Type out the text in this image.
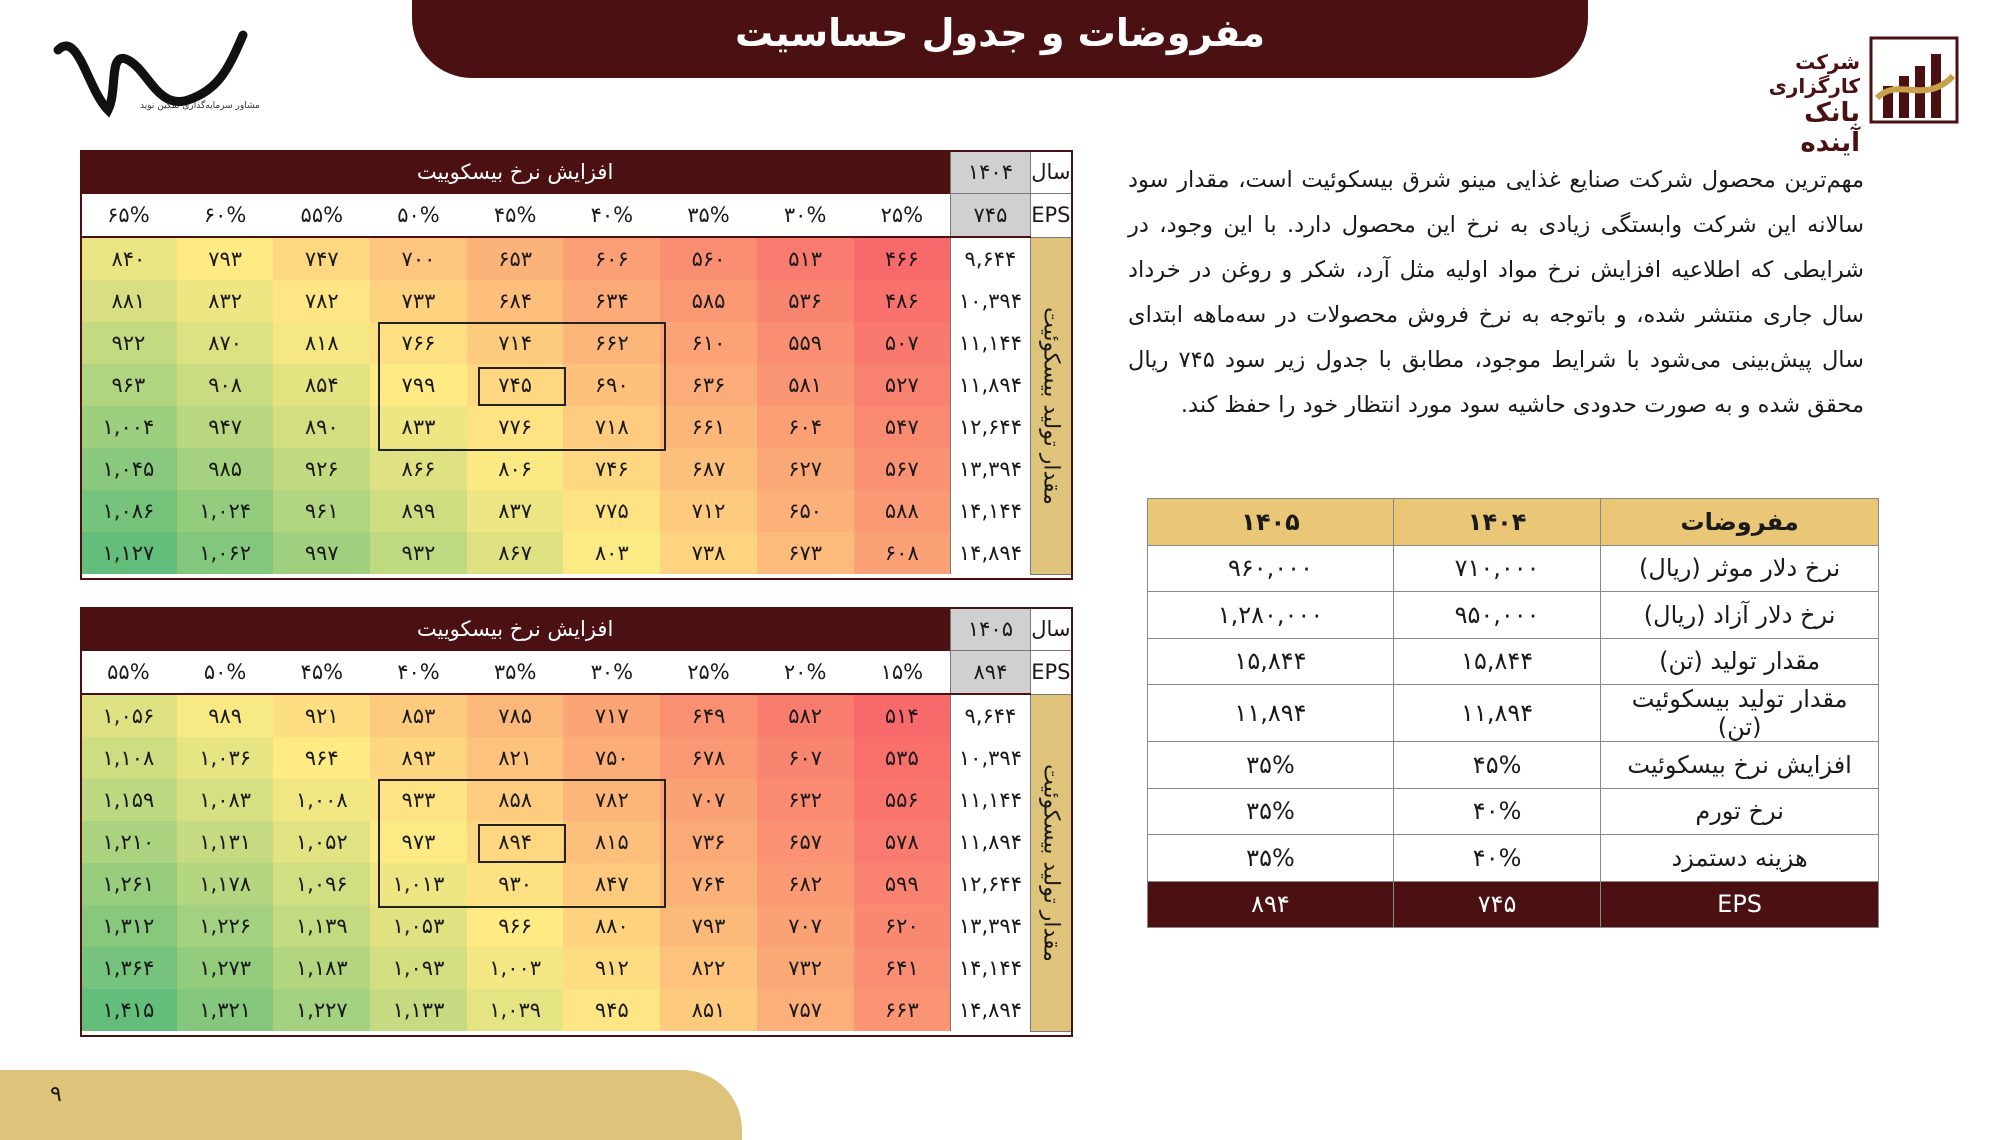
مفروضات و جدول حساسیت
مشاور سرمایه‌گذاری تمکین نوید
شرکت کارگزاری
بانک آینده
مهم‌ترین محصول شرکت صنایع غذایی مینو شرق بیسکوئیت است، مقدار سود سالانه این شرکت وابستگی زیادی به نرخ این محصول دارد. با این وجود، در شرایطی که اطلاعیه افزایش نرخ مواد اولیه مثل آرد، شکر و روغن در خرداد سال جاری منتشر شده، و باتوجه به نرخ فروش محصولات در سه‌ماهه ابتدای سال پیش‌بینی می‌شود با شرایط موجود، مطابق با جدول زیر سود ۷۴۵ ریال محقق شده و به صورت حدودی حاشیه سود مورد انتظار خود را حفظ کند.
مفروضات	۱۴۰۴	۱۴۰۵
نرخ دلار موثر (ریال)	۷۱۰,۰۰۰	۹۶۰,۰۰۰
نرخ دلار آزاد (ریال)	۹۵۰,۰۰۰	۱,۲۸۰,۰۰۰
مقدار تولید (تن)	۱۵,۸۴۴	۱۵,۸۴۴
مقدار تولید بیسکوئیت (تن)	۱۱,۸۹۴	۱۱,۸۹۴
افزایش نرخ بیسکوئیت	۴۵%	۳۵%
نرخ تورم	۴۰%	۳۵%
هزینه دستمزد	۴۰%	۳۵%
EPS	۷۴۵	۸۹۴
سال	۱۴۰۴	افزایش نرخ بیسکوییت								
EPS	۷۴۵	۲۵%	۳۰%	۳۵%	۴۰%	۴۵%	۵۰%	۵۵%	۶۰%	۶۵%

مقدار تولید بیسکوئیت	۹,۶۴۴	۴۶۶	۵۱۳	۵۶۰	۶۰۶	۶۵۳	۷۰۰	۷۴۷	۷۹۳	۸۴۰
	۱۰,۳۹۴	۴۸۶	۵۳۶	۵۸۵	۶۳۴	۶۸۴	۷۳۳	۷۸۲	۸۳۲	۸۸۱
	۱۱,۱۴۴	۵۰۷	۵۵۹	۶۱۰	۶۶۲	۷۱۴	۷۶۶	۸۱۸	۸۷۰	۹۲۲
	۱۱,۸۹۴	۵۲۷	۵۸۱	۶۳۶	۶۹۰	۷۴۵	۷۹۹	۸۵۴	۹۰۸	۹۶۳
	۱۲,۶۴۴	۵۴۷	۶۰۴	۶۶۱	۷۱۸	۷۷۶	۸۳۳	۸۹۰	۹۴۷	۱,۰۰۴
	۱۳,۳۹۴	۵۶۷	۶۲۷	۶۸۷	۷۴۶	۸۰۶	۸۶۶	۹۲۶	۹۸۵	۱,۰۴۵
	۱۴,۱۴۴	۵۸۸	۶۵۰	۷۱۲	۷۷۵	۸۳۷	۸۹۹	۹۶۱	۱,۰۲۴	۱,۰۸۶
	۱۴,۸۹۴	۶۰۸	۶۷۳	۷۳۸	۸۰۳	۸۶۷	۹۳۲	۹۹۷	۱,۰۶۲	۱,۱۲۷
سال	۱۴۰۵	افزایش نرخ بیسکوییت								
EPS	۸۹۴	۱۵%	۲۰%	۲۵%	۳۰%	۳۵%	۴۰%	۴۵%	۵۰%	۵۵%

مقدار تولید بیسکوئیت	۹,۶۴۴	۵۱۴	۵۸۲	۶۴۹	۷۱۷	۷۸۵	۸۵۳	۹۲۱	۹۸۹	۱,۰۵۶
	۱۰,۳۹۴	۵۳۵	۶۰۷	۶۷۸	۷۵۰	۸۲۱	۸۹۳	۹۶۴	۱,۰۳۶	۱,۱۰۸
	۱۱,۱۴۴	۵۵۶	۶۳۲	۷۰۷	۷۸۲	۸۵۸	۹۳۳	۱,۰۰۸	۱,۰۸۳	۱,۱۵۹
	۱۱,۸۹۴	۵۷۸	۶۵۷	۷۳۶	۸۱۵	۸۹۴	۹۷۳	۱,۰۵۲	۱,۱۳۱	۱,۲۱۰
	۱۲,۶۴۴	۵۹۹	۶۸۲	۷۶۴	۸۴۷	۹۳۰	۱,۰۱۳	۱,۰۹۶	۱,۱۷۸	۱,۲۶۱
	۱۳,۳۹۴	۶۲۰	۷۰۷	۷۹۳	۸۸۰	۹۶۶	۱,۰۵۳	۱,۱۳۹	۱,۲۲۶	۱,۳۱۲
	۱۴,۱۴۴	۶۴۱	۷۳۲	۸۲۲	۹۱۲	۱,۰۰۳	۱,۰۹۳	۱,۱۸۳	۱,۲۷۳	۱,۳۶۴
	۱۴,۸۹۴	۶۶۳	۷۵۷	۸۵۱	۹۴۵	۱,۰۳۹	۱,۱۳۳	۱,۲۲۷	۱,۳۲۱	۱,۴۱۵
۹
